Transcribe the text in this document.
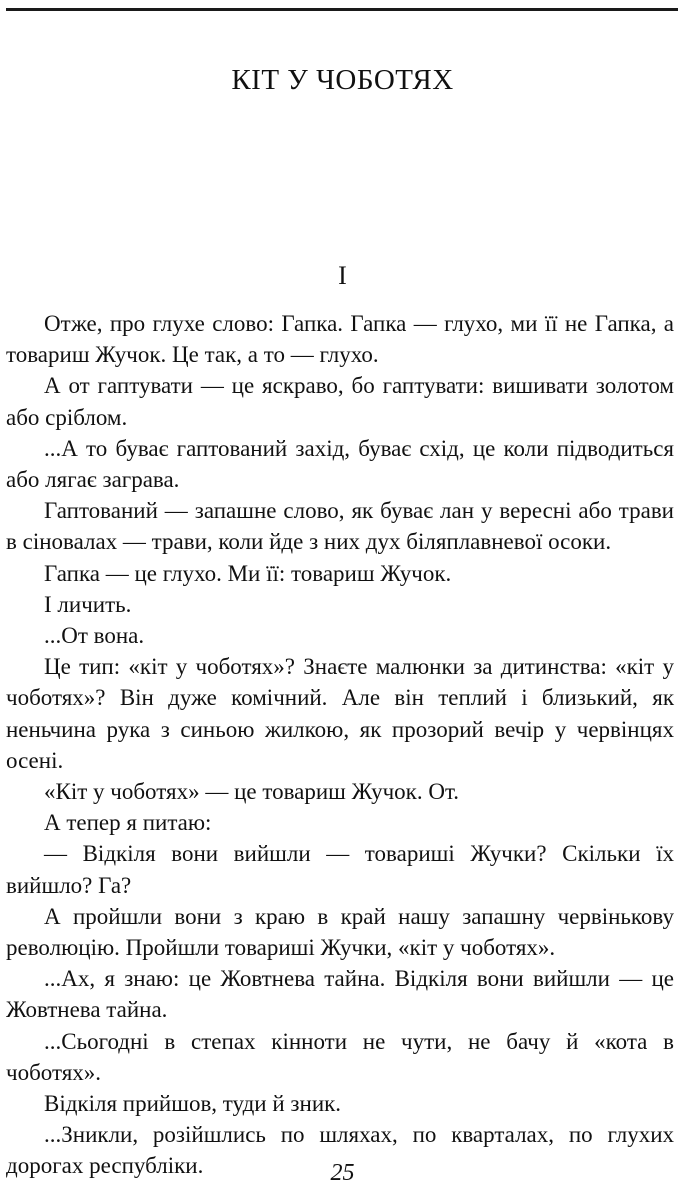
КІТ У ЧОБОТЯХ
І

Отже, про глухе слово: Гапка. Гапка — глухо, ми її не Гапка, а товариш Жучок. Це так, а то — глухо.

А от гаптувати — це яскраво, бо гаптувати: вишивати золотом або сріблом.

...А то буває гаптований захід, буває схід, це коли підводиться або лягає заграва.

Гаптований — запашне слово, як буває лан у вересні або трави в сіновалах — трави, коли йде з них дух біляплавневої осоки.

Гапка — це глухо. Ми її: товариш Жучок.

І личить.

...От вона.

Це тип: «кіт у чоботях»? Знаєте малюнки за дитинства: «кіт у чоботях»? Він дуже комічний. Але він теплий і близький, як неньчина рука з синьою жилкою, як прозорий вечір у червінцях осені.

«Кіт у чоботях» — це товариш Жучок. От.

А тепер я питаю:

— Відкіля вони вийшли — товариші Жучки? Скільки їх вийшло? Га?

А пройшли вони з краю в край нашу запашну червінькову революцію. Пройшли товариші Жучки, «кіт у чоботях».

...Ах, я знаю: це Жовтнева тайна. Відкіля вони вийшли — це Жовтнева тайна.

...Сьогодні в степах кінноти не чути, не бачу й «кота в чоботях».

Відкіля прийшов, туди й зник.

...Зникли, розійшлись по шляхах, по кварталах, по глухих дорогах республіки.	25
